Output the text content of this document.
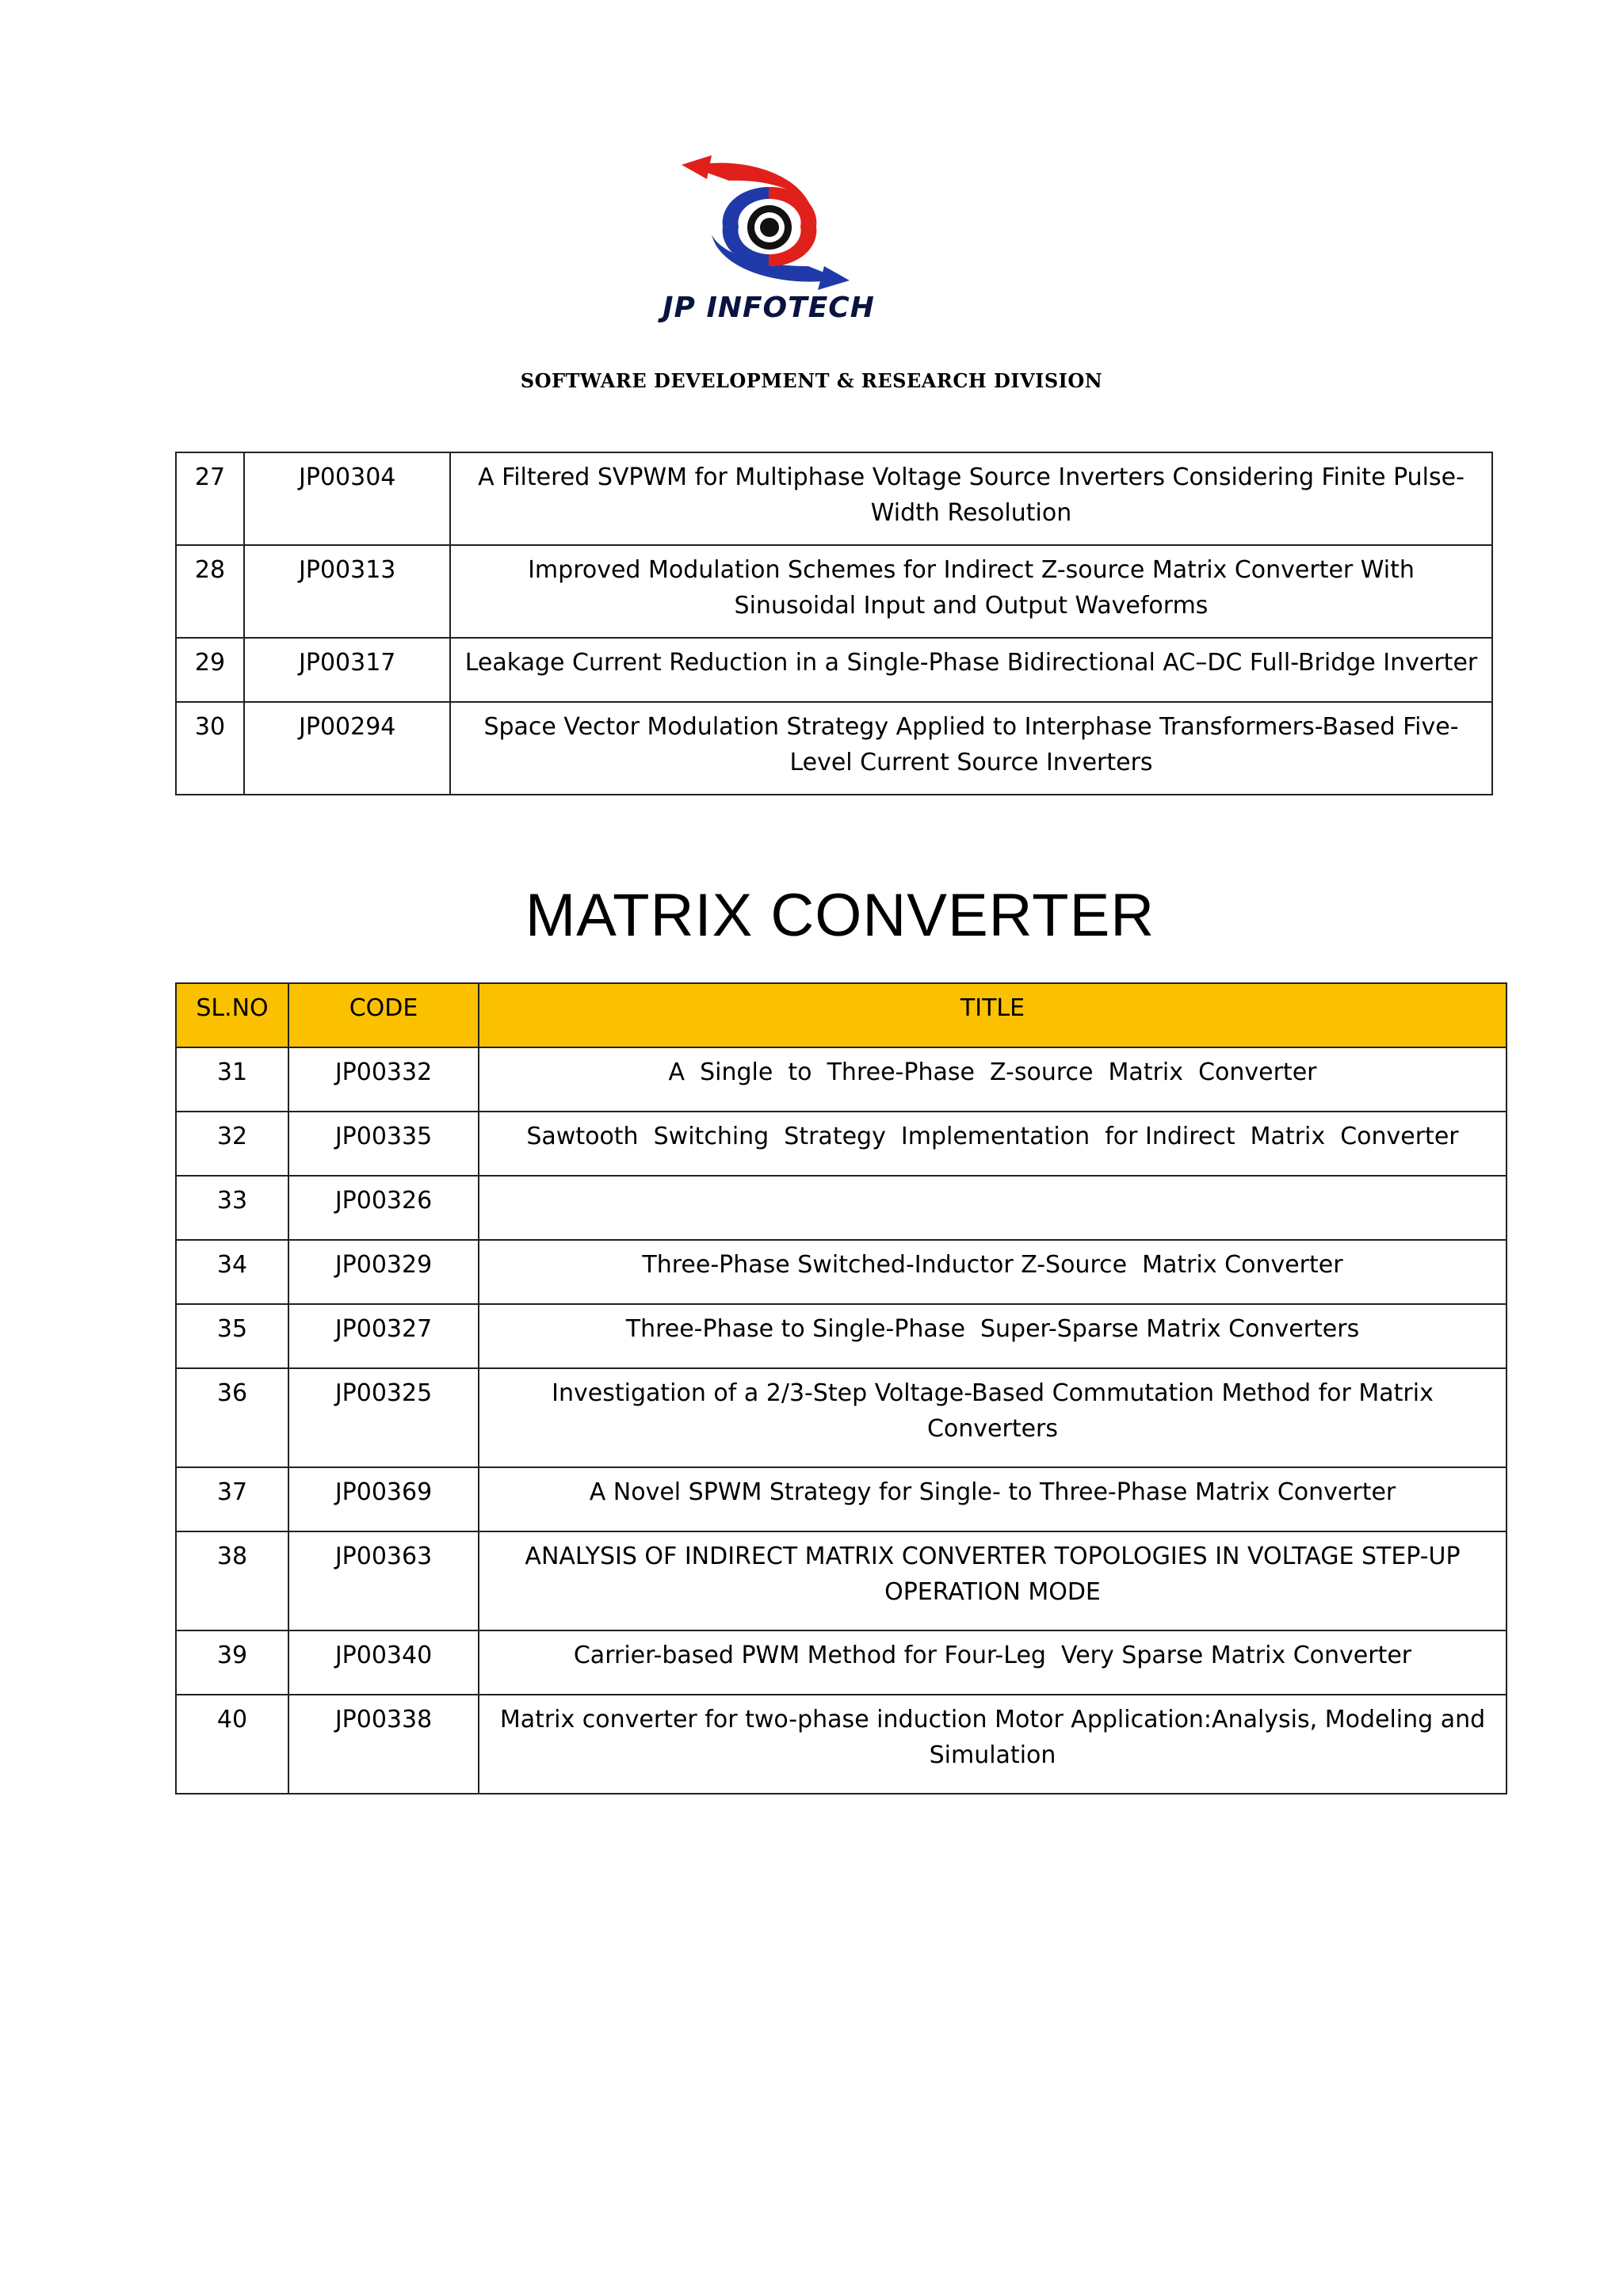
JP INFOTECH
SOFTWARE DEVELOPMENT & RESEARCH DIVISION
27	JP00304	A Filtered SVPWM for Multiphase Voltage Source Inverters Considering Finite Pulse-Width Resolution
28	JP00313	Improved Modulation Schemes for Indirect Z-source Matrix Converter With Sinusoidal Input and Output Waveforms
29	JP00317	Leakage Current Reduction in a Single-Phase Bidirectional AC–DC Full-Bridge Inverter
30	JP00294	Space Vector Modulation Strategy Applied to Interphase Transformers-Based Five-Level Current Source Inverters
MATRIX CONVERTER
SL.NO	CODE	TITLE
31	JP00332	A  Single  to  Three-Phase  Z-source  Matrix  Converter
32	JP00335	Sawtooth  Switching  Strategy  Implementation  for Indirect  Matrix  Converter
33	JP00326	
34	JP00329	Three-Phase Switched-Inductor Z-Source  Matrix Converter
35	JP00327	Three-Phase to Single-Phase  Super-Sparse Matrix Converters
36	JP00325	Investigation of a 2/3-Step Voltage-Based Commutation Method for Matrix Converters
37	JP00369	A Novel SPWM Strategy for Single- to Three-Phase Matrix Converter
38	JP00363	ANALYSIS OF INDIRECT MATRIX CONVERTER TOPOLOGIES IN VOLTAGE STEP-UP OPERATION MODE
39	JP00340	Carrier-based PWM Method for Four-Leg  Very Sparse Matrix Converter
40	JP00338	Matrix converter for two-phase induction Motor Application:Analysis, Modeling and Simulation
